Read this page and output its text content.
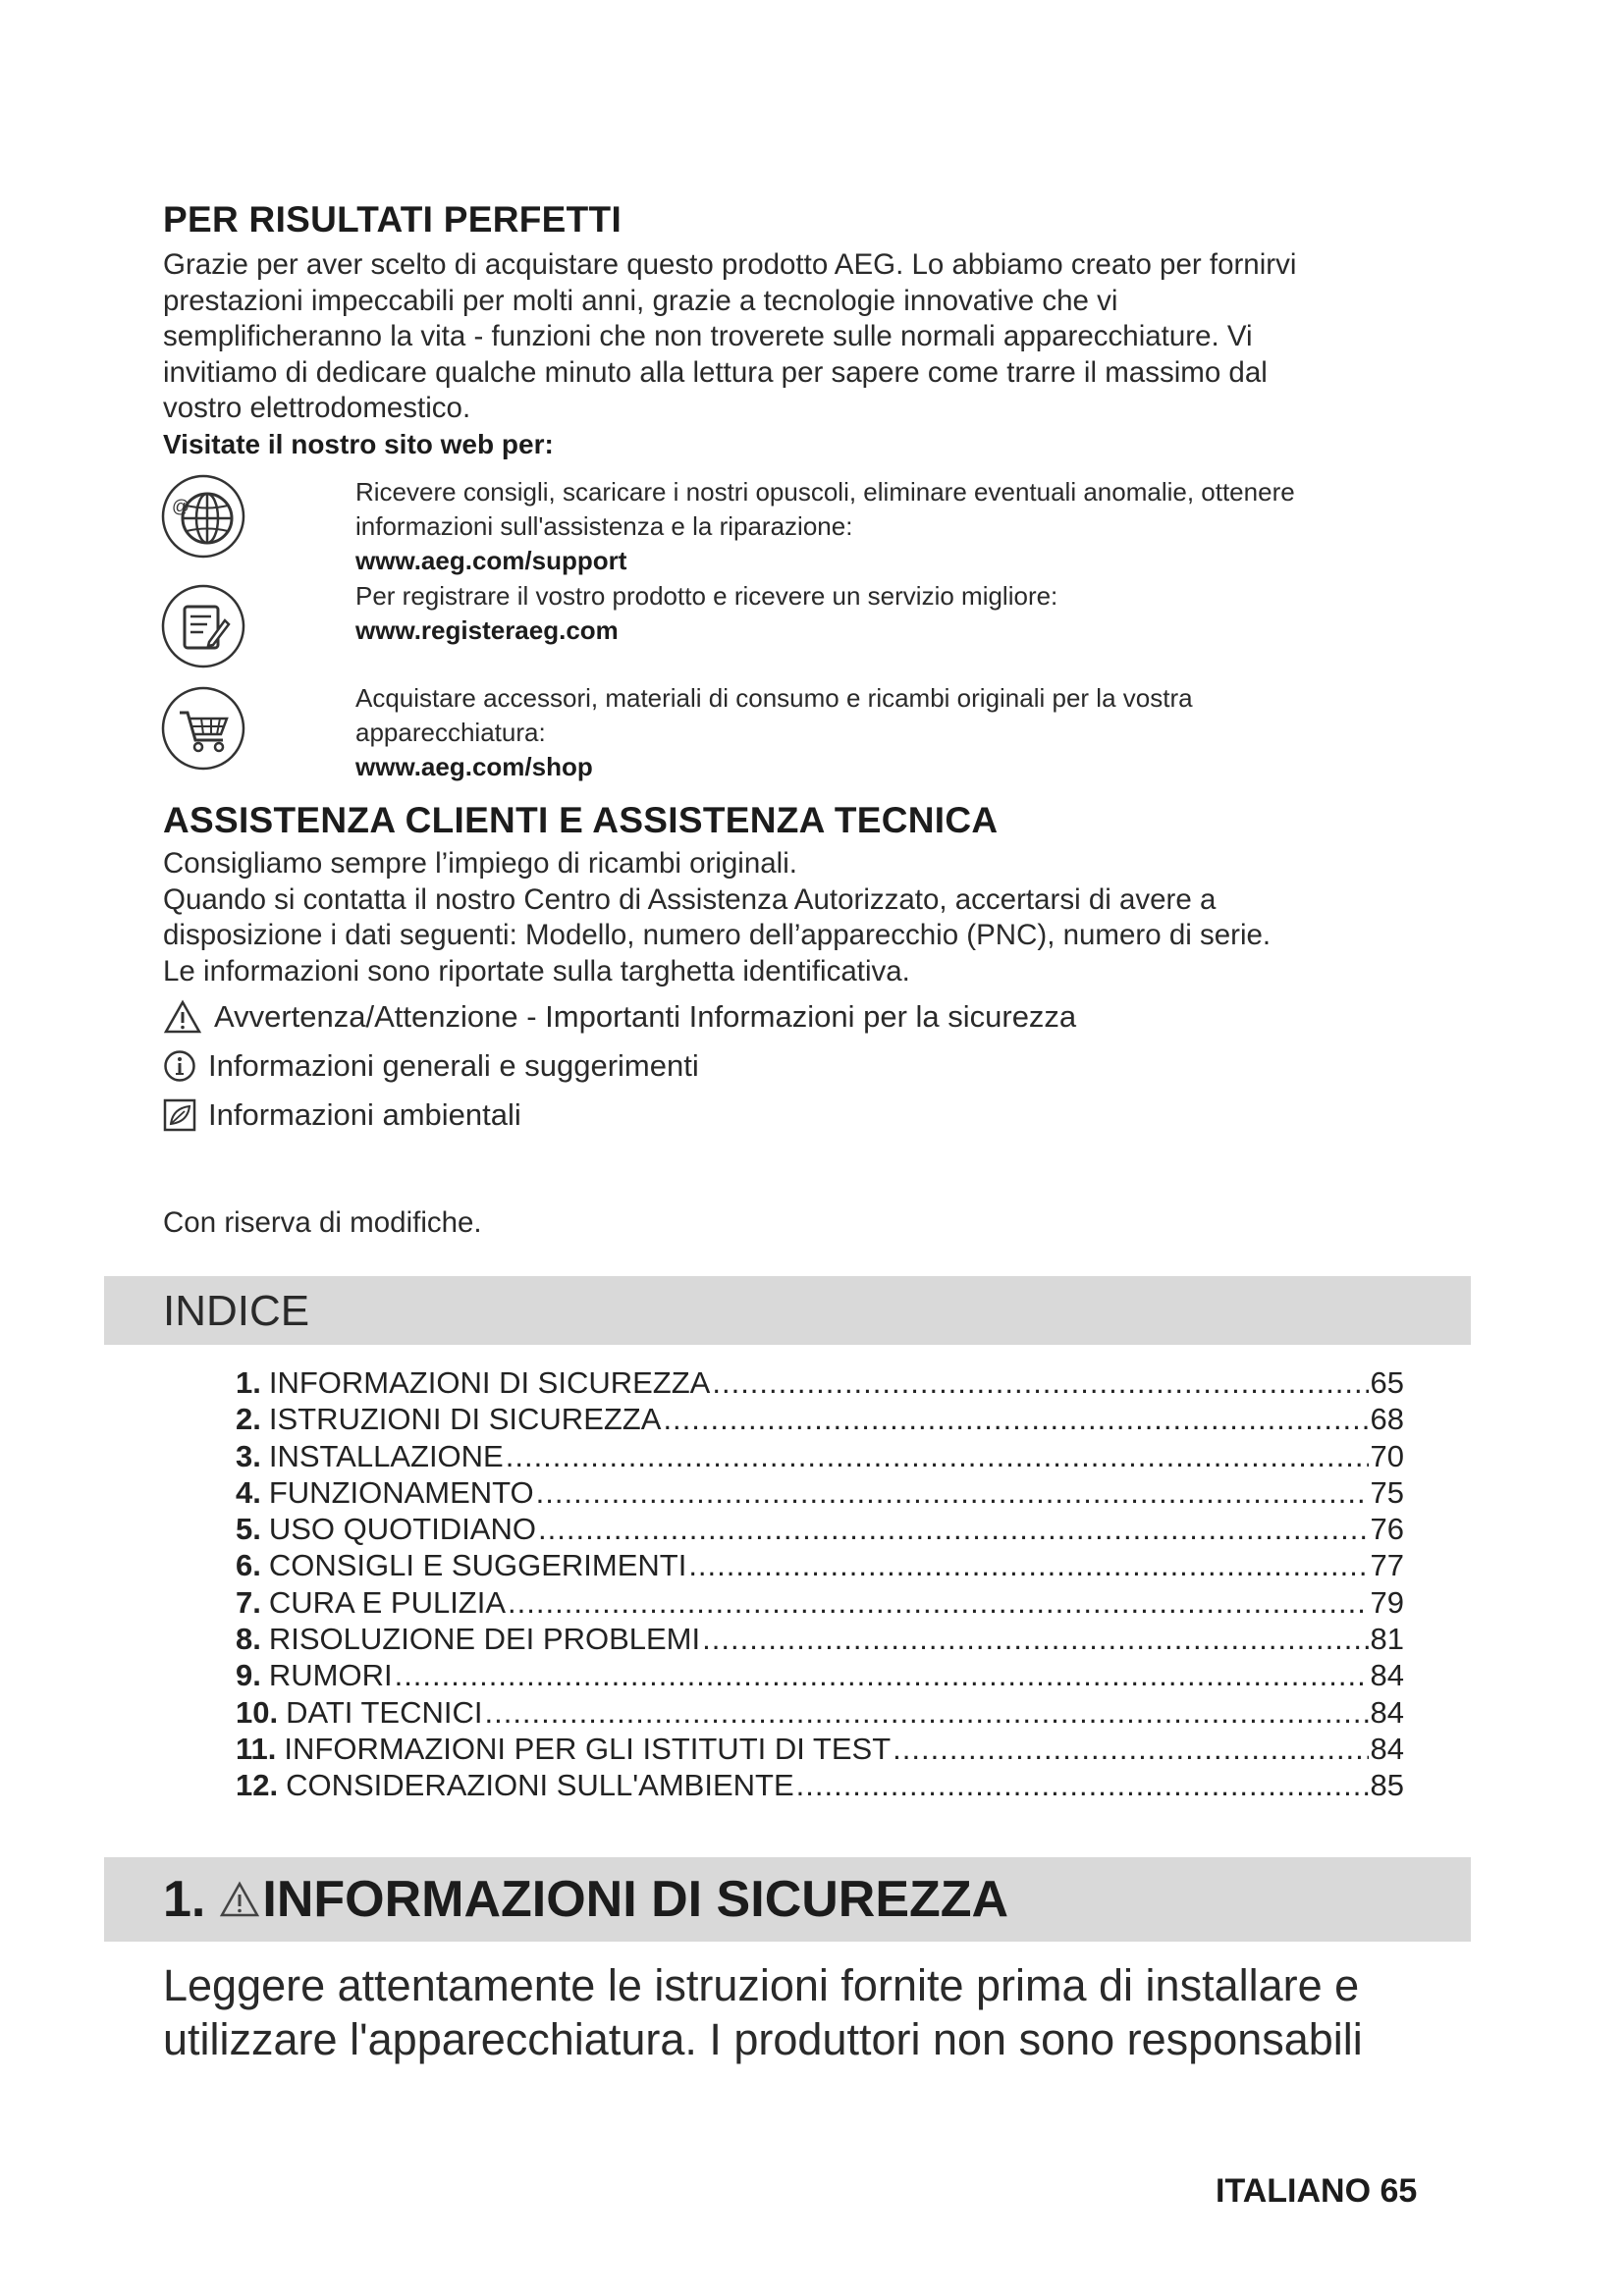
PER RISULTATI PERFETTI
Grazie per aver scelto di acquistare questo prodotto AEG. Lo abbiamo creato per fornirvi
prestazioni impeccabili per molti anni, grazie a tecnologie innovative che vi
semplificheranno la vita - funzioni che non troverete sulle normali apparecchiature. Vi
invitiamo di dedicare qualche minuto alla lettura per sapere come trarre il massimo dal
vostro elettrodomestico.
Visitate il nostro sito web per:
@	Ricevere consigli, scaricare i nostri opuscoli, eliminare eventuali anomalie, ottenere
informazioni sull'assistenza e la riparazione:
www.aeg.com/support
Per registrare il vostro prodotto e ricevere un servizio migliore:
www.registeraeg.com
Acquistare accessori, materiali di consumo e ricambi originali per la vostra
apparecchiatura:
www.aeg.com/shop
ASSISTENZA CLIENTI E ASSISTENZA TECNICA
Consigliamo sempre l’impiego di ricambi originali.
Quando si contatta il nostro Centro di Assistenza Autorizzato, accertarsi di avere a
disposizione i dati seguenti: Modello, numero dell’apparecchio (PNC), numero di serie.
Le informazioni sono riportate sulla targhetta identificativa.
Avvertenza/Attenzione - Importanti Informazioni per la sicurezza
Informazioni generali e suggerimenti
Informazioni ambientali
Con riserva di modifiche.
INDICE
1. INFORMAZIONI DI SICUREZZA .....	65
2. ISTRUZIONI DI SICUREZZA .....	68
3. INSTALLAZIONE .....	70
4. FUNZIONAMENTO .....	75
5. USO QUOTIDIANO .....	76
6. CONSIGLI E SUGGERIMENTI .....	77
7. CURA E PULIZIA .....	79
8. RISOLUZIONE DEI PROBLEMI .....	81
9. RUMORI .....	84
10. DATI TECNICI .....	84
11. INFORMAZIONI PER GLI ISTITUTI DI TEST .....	84
12. CONSIDERAZIONI SULL'AMBIENTE .....	85
1. INFORMAZIONI DI SICUREZZA
Leggere attentamente le istruzioni fornite prima di installare e
utilizzare l'apparecchiatura. I produttori non sono responsabili
ITALIANO 65
